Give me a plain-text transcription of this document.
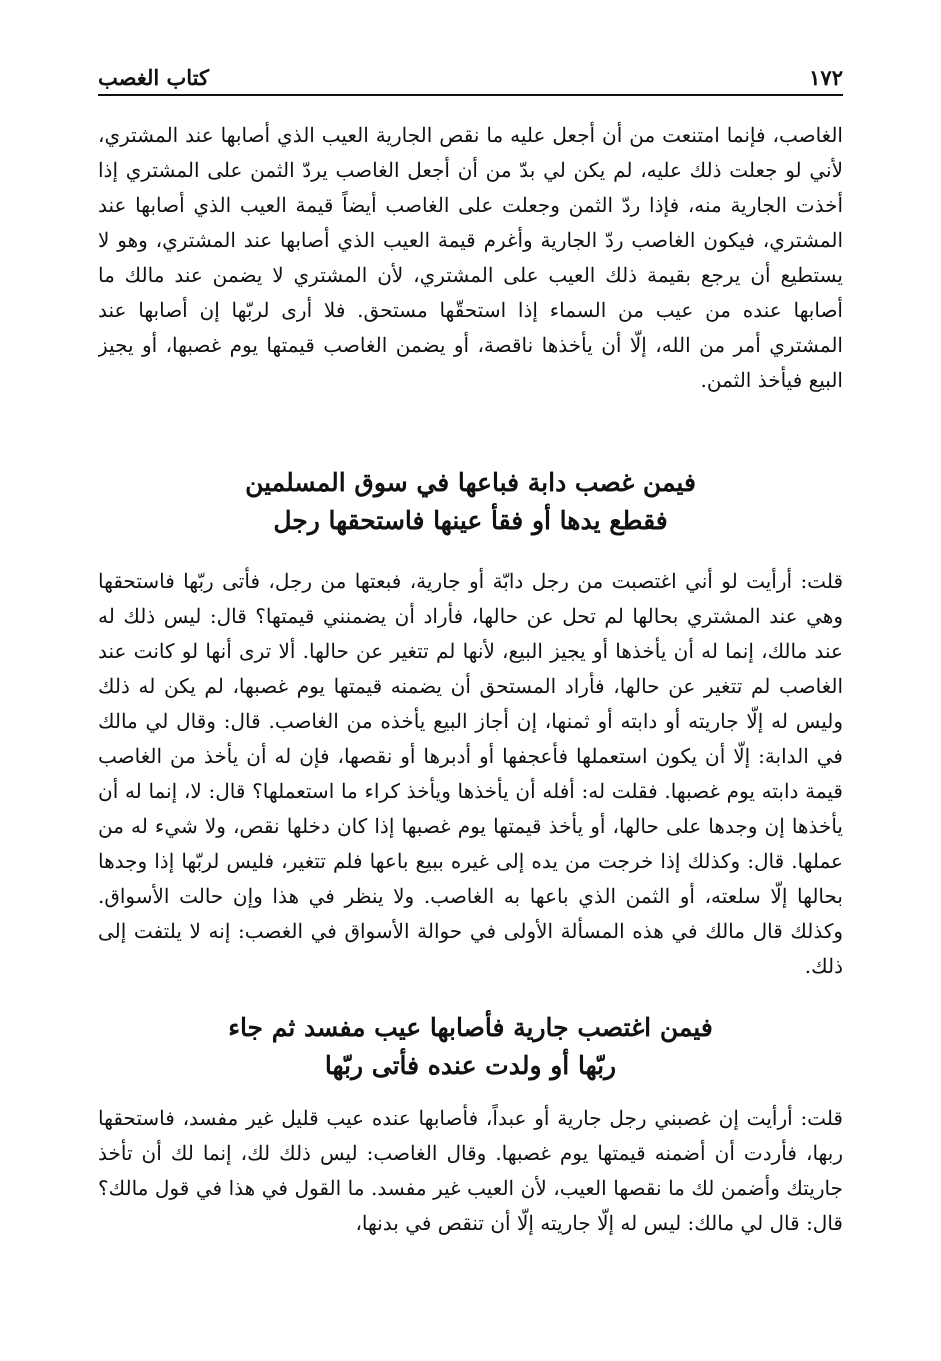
١٧٢
كتاب الغصب

الغاصب، فإنما امتنعت من أن أجعل عليه ما نقص الجارية العيب الذي أصابها عند المشتري، لأني لو جعلت ذلك عليه، لم يكن لي بدّ من أن أجعل الغاصب يردّ الثمن على المشتري إذا أخذت الجارية منه، فإذا ردّ الثمن وجعلت على الغاصب أيضاً قيمة العيب الذي أصابها عند المشتري، فيكون الغاصب ردّ الجارية وأغرم قيمة العيب الذي أصابها عند المشتري، وهو لا يستطيع أن يرجع بقيمة ذلك العيب على المشتري، لأن المشتري لا يضمن عند مالك ما أصابها عنده من عيب من السماء إذا استحقّها مستحق. فلا أرى لربّها إن أصابها عند المشتري أمر من الله، إلّا أن يأخذها ناقصة، أو يضمن الغاصب قيمتها يوم غصبها، أو يجيز البيع فيأخذ الثمن.

فيمن غصب دابة فباعها في سوق المسلمين
فقطع يدها أو فقأ عينها فاستحقها رجل

قلت: أرأيت لو أني اغتصبت من رجل دابّة أو جارية، فبعتها من رجل، فأتى ربّها فاستحقها وهي عند المشتري بحالها لم تحل عن حالها، فأراد أن يضمنني قيمتها؟ قال: ليس ذلك له عند مالك، إنما له أن يأخذها أو يجيز البيع، لأنها لم تتغير عن حالها. ألا ترى أنها لو كانت عند الغاصب لم تتغير عن حالها، فأراد المستحق أن يضمنه قيمتها يوم غصبها، لم يكن له ذلك وليس له إلّا جاريته أو دابته أو ثمنها، إن أجاز البيع يأخذه من الغاصب. قال: وقال لي مالك في الدابة: إلّا أن يكون استعملها فأعجفها أو أدبرها أو نقصها، فإن له أن يأخذ من الغاصب قيمة دابته يوم غصبها. فقلت له: أفله أن يأخذها ويأخذ كراء ما استعملها؟ قال: لا، إنما له أن يأخذها إن وجدها على حالها، أو يأخذ قيمتها يوم غصبها إذا كان دخلها نقص، ولا شيء له من عملها. قال: وكذلك إذا خرجت من يده إلى غيره ببيع باعها فلم تتغير، فليس لربّها إذا وجدها بحالها إلّا سلعته، أو الثمن الذي باعها به الغاصب. ولا ينظر في هذا وإن حالت الأسواق. وكذلك قال مالك في هذه المسألة الأولى في حوالة الأسواق في الغصب: إنه لا يلتفت إلى ذلك.

فيمن اغتصب جارية فأصابها عيب مفسد ثم جاء
ربّها أو ولدت عنده فأتى ربّها

قلت: أرأيت إن غصبني رجل جارية أو عبداً، فأصابها عنده عيب قليل غير مفسد، فاستحقها ربها، فأردت أن أضمنه قيمتها يوم غصبها. وقال الغاصب: ليس ذلك لك، إنما لك أن تأخذ جاريتك وأضمن لك ما نقصها العيب، لأن العيب غير مفسد. ما القول في هذا في قول مالك؟ قال: قال لي مالك: ليس له إلّا جاريته إلّا أن تنقص في بدنها،
